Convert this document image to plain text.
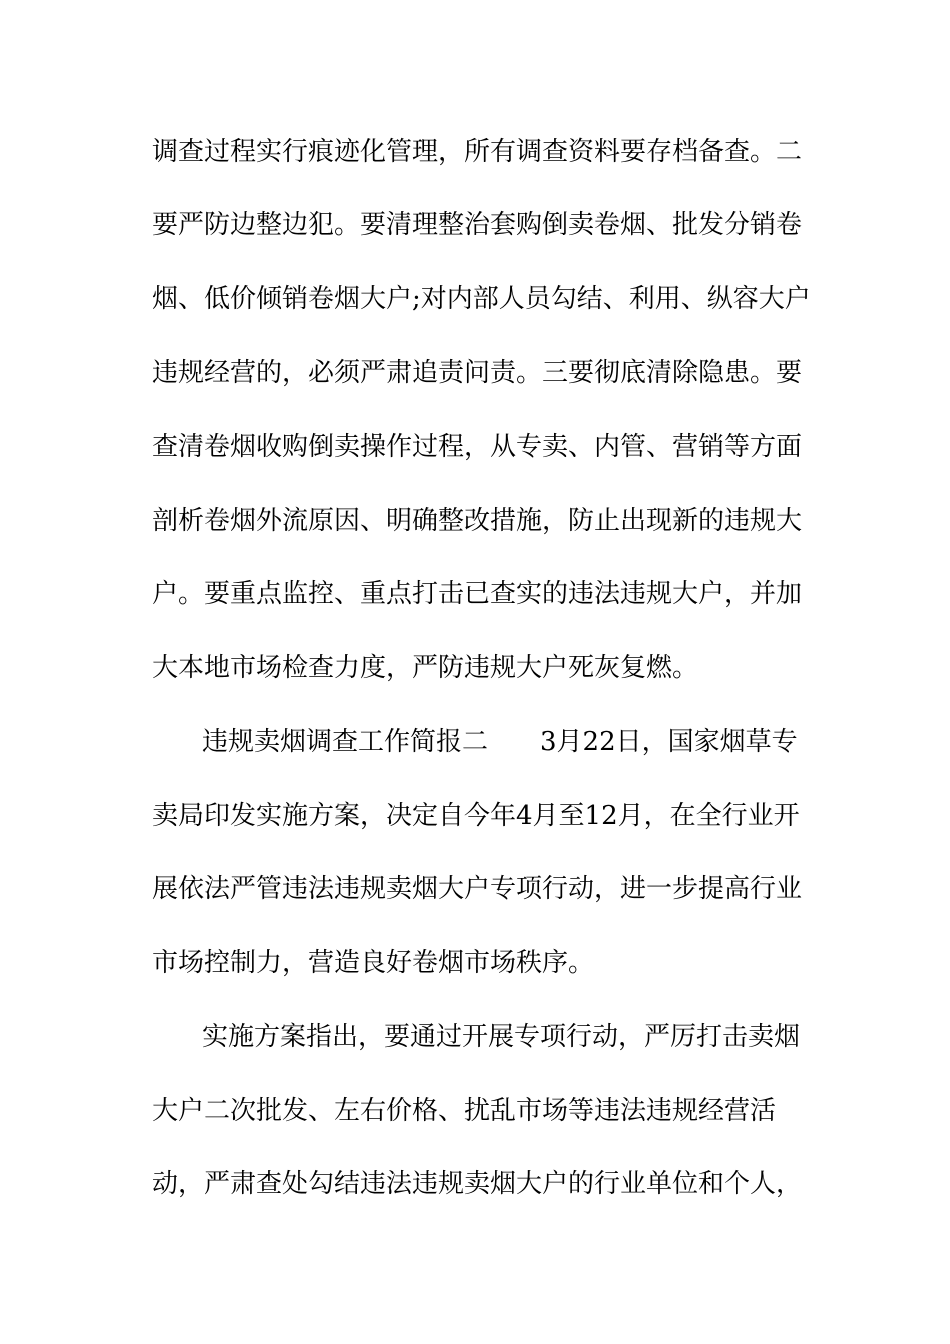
调查过程实行痕迹化管理，所有调查资料要存档备查。二
要严防边整边犯。要清理整治套购倒卖卷烟、批发分销卷
烟、低价倾销卷烟大户;对内部人员勾结、利用、纵容大户
违规经营的，必须严肃追责问责。三要彻底清除隐患。要
查清卷烟收购倒卖操作过程，从专卖、内管、营销等方面
剖析卷烟外流原因、明确整改措施，防止出现新的违规大
户。要重点监控、重点打击已查实的违法违规大户，并加
大本地市场检查力度，严防违规大户死灰复燃。
违规卖烟调查工作简报二　　3月22日，国家烟草专
卖局印发实施方案，决定自今年4月至12月，在全行业开
展依法严管违法违规卖烟大户专项行动，进一步提高行业
市场控制力，营造良好卷烟市场秩序。
实施方案指出，要通过开展专项行动，严厉打击卖烟
大户二次批发、左右价格、扰乱市场等违法违规经营活
动，严肃查处勾结违法违规卖烟大户的行业单位和个人，
